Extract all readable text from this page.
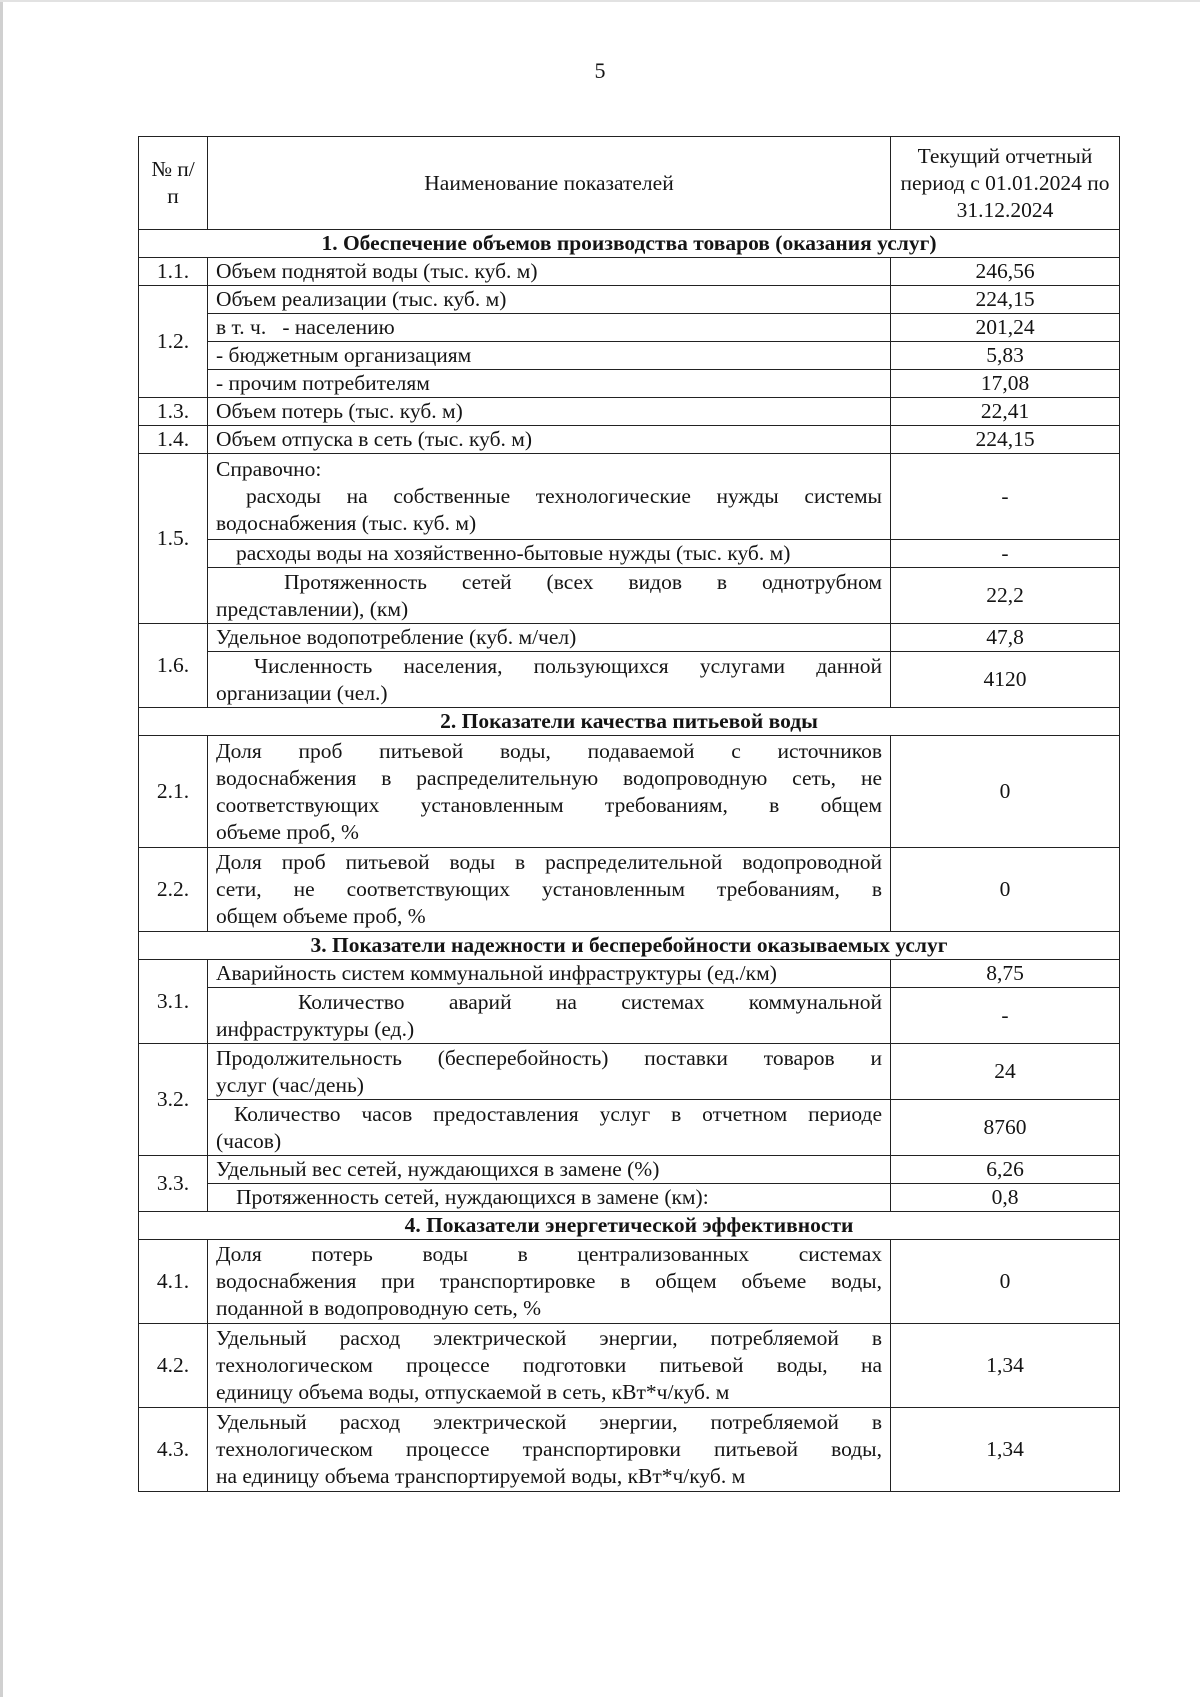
5
№ п/п	Наименование показателей	Текущий отчетный период с 01.01.2024 по 31.12.2024
1. Обеспечение объемов производства товаров (оказания услуг)		
1.1.	Объем поднятой воды (тыс. куб. м)	246,56
1.2.	Объем реализации (тыс. куб. м)	224,15
	в т. ч.   - населению	201,24
	- бюджетным организациям	5,83
	- прочим потребителям	17,08
1.3.	Объем потерь (тыс. куб. м)	22,41
1.4.	Объем отпуска в сеть (тыс. куб. м)	224,15
1.5.	Справочно:
расходы на собственные технологические нужды системы
водоснабжения (тыс. куб. м)	-
	расходы воды на хозяйственно-бытовые нужды (тыс. куб. м)	-

	Протяженность сетей (всех видов в однотрубном
представлении), (км)	22,2
1.6.	Удельное водопотребление (куб. м/чел)	47,8

	Численность населения, пользующихся услугами данной
организации (чел.)	4120
2. Показатели качества питьевой воды		
2.1.	Доля проб питьевой воды, подаваемой с источников
водоснабжения в распределительную водопроводную сеть, не
соответствующих установленным требованиям, в общем
объеме проб, %	0
2.2.	Доля проб питьевой воды в распределительной водопроводной
сети, не соответствующих установленным требованиям, в
общем объеме проб, %	0
3. Показатели надежности и бесперебойности оказываемых услуг		
3.1.	Аварийность систем коммунальной инфраструктуры (ед./км)	8,75

	Количество аварий на системах коммунальной
инфраструктуры (ед.)	-
3.2.	Продолжительность (бесперебойность) поставки товаров и
услуг (час/день)	24

	Количество часов предоставления услуг в отчетном периоде
(часов)	8760
3.3.	Удельный вес сетей, нуждающихся в замене (%)	6,26
	Протяженность сетей, нуждающихся в замене (км):	0,8
4. Показатели энергетической эффективности		
4.1.	Доля потерь воды в централизованных системах
водоснабжения при транспортировке в общем объеме воды,
поданной в водопроводную сеть, %	0
4.2.	Удельный расход электрической энергии, потребляемой в
технологическом процессе подготовки питьевой воды, на
единицу объема воды, отпускаемой в сеть, кВт*ч/куб. м	1,34
4.3.	Удельный расход электрической энергии, потребляемой в
технологическом процессе транспортировки питьевой воды,
на единицу объема транспортируемой воды, кВт*ч/куб. м	1,34
